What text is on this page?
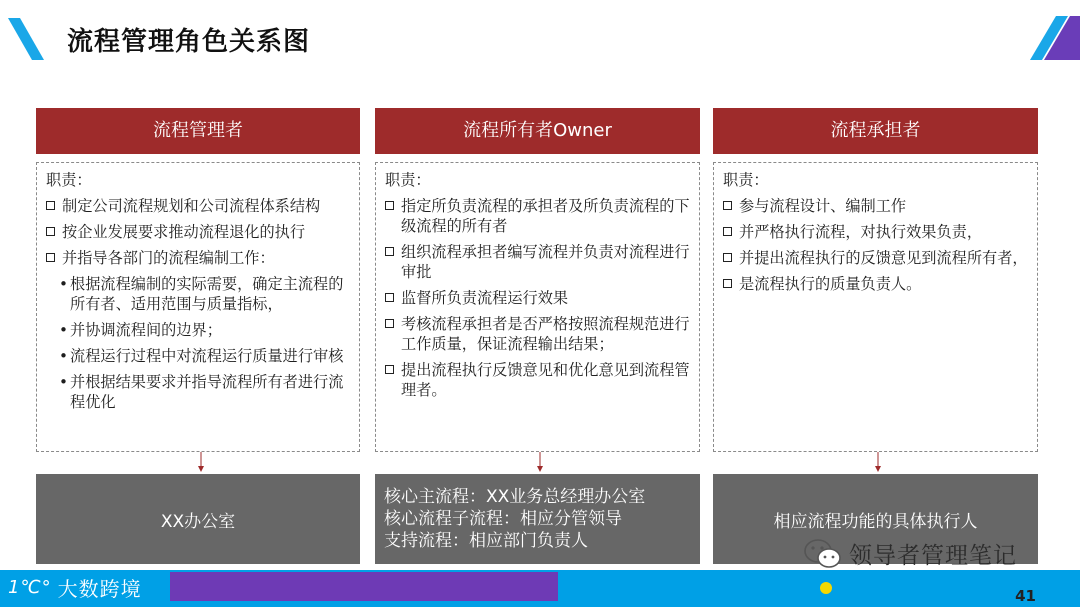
流程管理角色关系图
流程管理者
职责：
制定公司流程规划和公司流程体系结构
按企业发展要求推动流程退化的执行
并指导各部门的流程编制工作：
• 根据流程编制的实际需要，确定主流程的所有者、适用范围与质量指标，
• 并协调流程间的边界；
• 流程运行过程中对流程运行质量进行审核
• 并根据结果要求并指导流程所有者进行流程优化
XX办公室
流程所有者Owner
职责：
指定所负责流程的承担者及所负责流程的下级流程的所有者
组织流程承担者编写流程并负责对流程进行审批
监督所负责流程运行效果
考核流程承担者是否严格按照流程规范进行工作质量，保证流程输出结果；
提出流程执行反馈意见和优化意见到流程管理者。
核心主流程：XX业务总经理办公室
核心流程子流程：相应分管领导
支持流程：相应部门负责人
流程承担者
职责：
参与流程设计、编制工作
并严格执行流程，对执行效果负责，
并提出流程执行的反馈意见到流程所有者，
是流程执行的质量负责人。
相应流程功能的具体执行人
1℃° 大数跨境
领导者管理笔记
41
